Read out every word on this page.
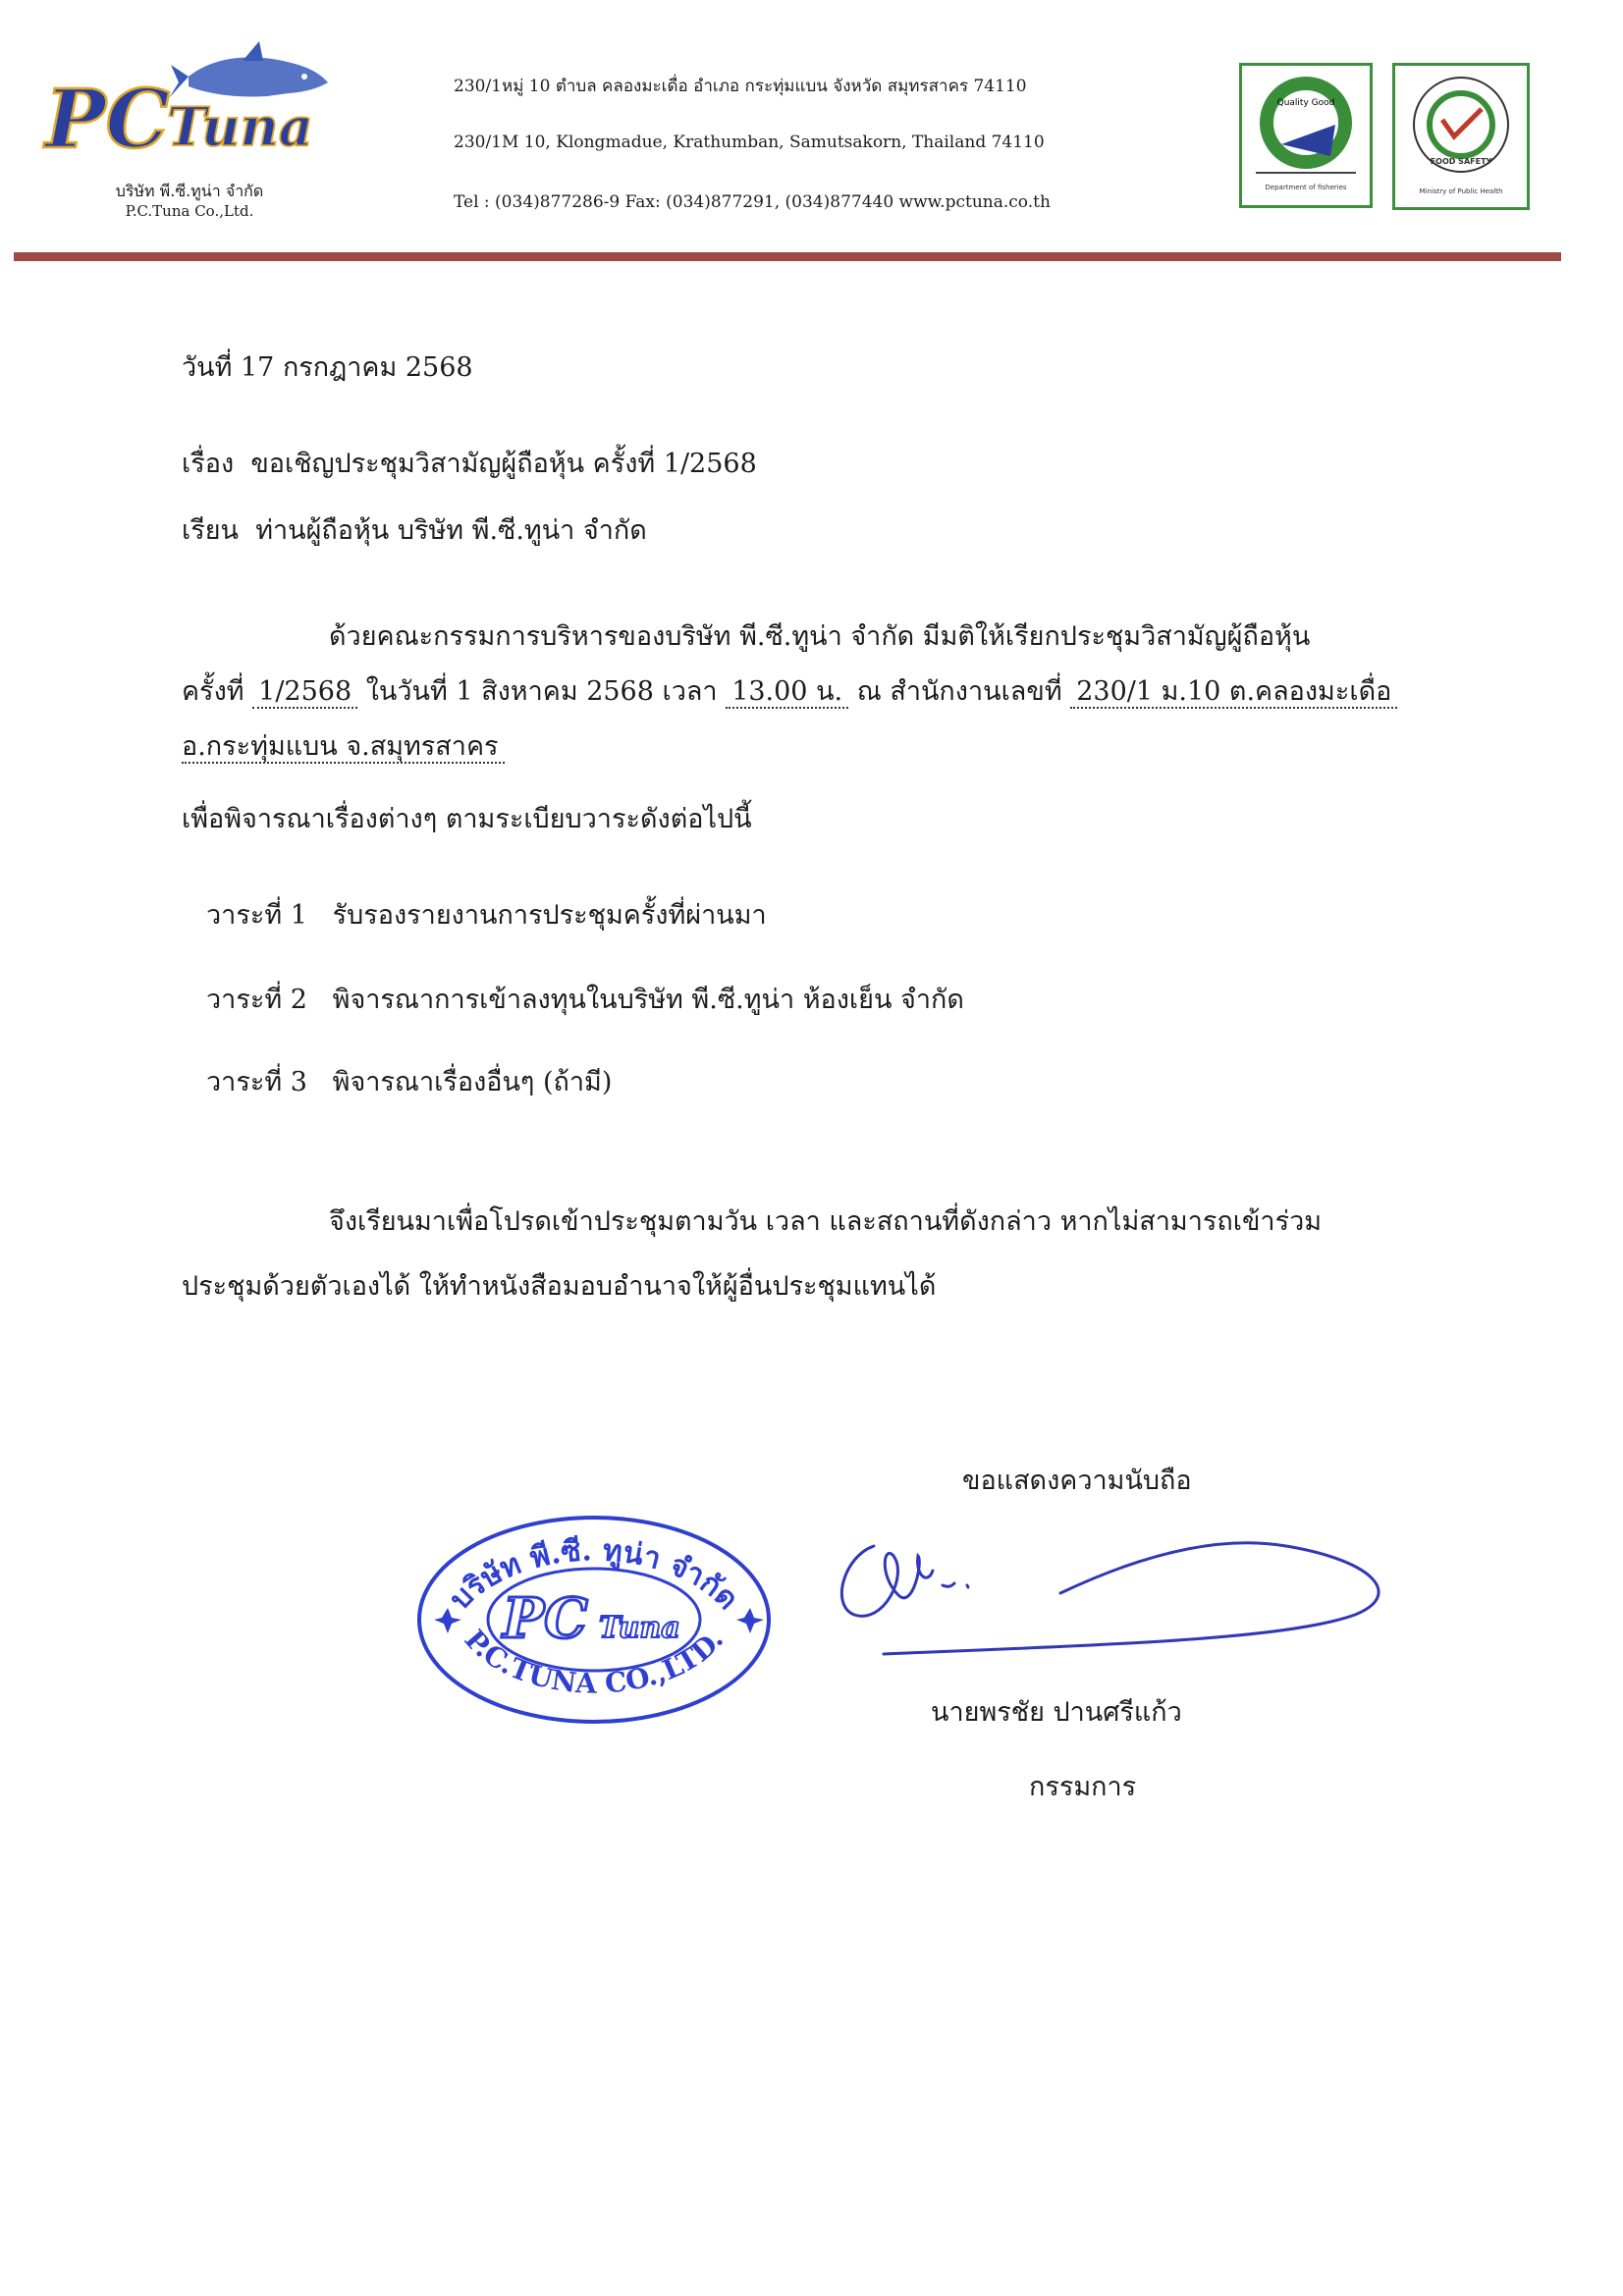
PC
Tuna
บริษัท พี.ซี.ทูน่า จำกัด
P.C.Tuna Co.,Ltd.
230/1หมู่ 10 ตำบล คลองมะเดื่อ อำเภอ กระทุ่มแบน จังหวัด สมุทรสาคร 74110
230/1M 10, Klongmadue, Krathumban, Samutsakorn, Thailand 74110
Tel : (034)877286-9 Fax: (034)877291, (034)877440 www.pctuna.co.th
Quality Good
Department of fisheries
FOOD SAFETY
Ministry of Public Health
วันที่ 17 กรกฎาคม 2568
เรื่อง ขอเชิญประชุมวิสามัญผู้ถือหุ้น ครั้งที่ 1/2568
เรียน ท่านผู้ถือหุ้น บริษัท พี.ซี.ทูน่า จำกัด
ด้วยคณะกรรมการบริหารของบริษัท พี.ซี.ทูน่า จำกัด มีมติให้เรียกประชุมวิสามัญผู้ถือหุ้น
ครั้งที่ 1/2568 ในวันที่ 1 สิงหาคม 2568 เวลา 13.00 น. ณ สำนักงานเลขที่ 230/1 ม.10 ต.คลองมะเดื่อ
อ.กระทุ่มแบน จ.สมุทรสาคร
เพื่อพิจารณาเรื่องต่างๆ ตามระเบียบวาระดังต่อไปนี้
วาระที่ 1 รับรองรายงานการประชุมครั้งที่ผ่านมา
วาระที่ 2 พิจารณาการเข้าลงทุนในบริษัท พี.ซี.ทูน่า ห้องเย็น จำกัด
วาระที่ 3 พิจารณาเรื่องอื่นๆ (ถ้ามี)
จึงเรียนมาเพื่อโปรดเข้าประชุมตามวัน เวลา และสถานที่ดังกล่าว หากไม่สามารถเข้าร่วม
ประชุมด้วยตัวเองได้ ให้ทำหนังสือมอบอำนาจให้ผู้อื่นประชุมแทนได้
ขอแสดงความนับถือ
บริษัท พี.ซี. ทูน่า จำกัด
P.C.TUNA CO.,LTD.
PC Tuna
นายพรชัย ปานศรีแก้ว
กรรมการ
